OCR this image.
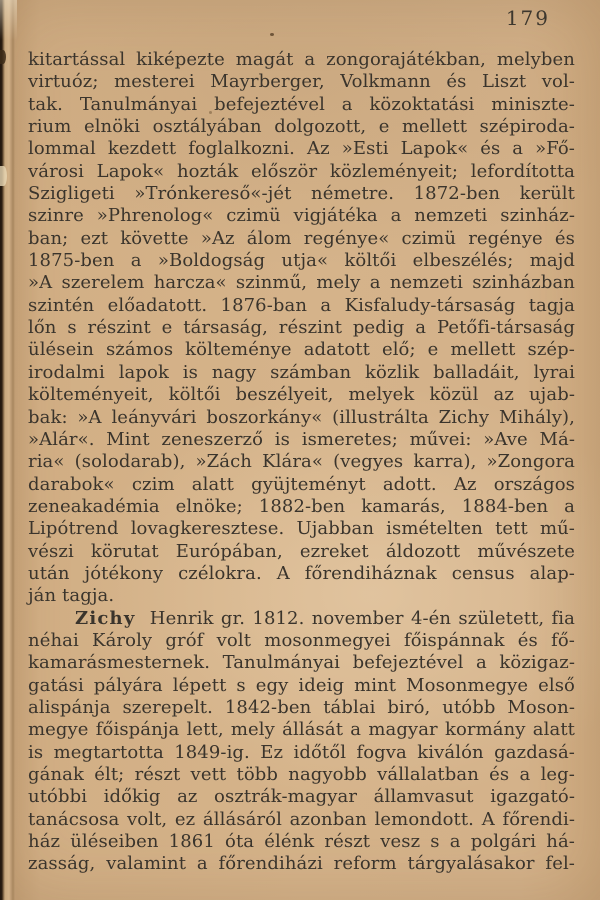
179

kitartással kiképezte magát a zongorajátékban, melyben

virtuóz; mesterei Mayrberger, Volkmann és Liszt vol-

tak. Tanulmányai befejeztével a közoktatási miniszte-

rium elnöki osztályában dolgozott, e mellett szépiroda-

lommal kezdett foglalkozni. Az »Esti Lapok« és a »Fő-

városi Lapok« hozták először közleményeit; lefordította

Szigligeti »Trónkereső«-jét németre. 1872-ben került

szinre »Phrenolog« czimü vigjátéka a nemzeti szinház-

ban; ezt követte »Az álom regénye« czimü regénye és

1875-ben a »Boldogság utja« költői elbeszélés; majd

»A szerelem harcza« szinmű, mely a nemzeti szinházban

szintén előadatott. 1876-ban a Kisfaludy-társaság tagja

lőn s részint e társaság, részint pedig a Petőfi-társaság

ülésein számos költeménye adatott elő; e mellett szép-

irodalmi lapok is nagy számban közlik balladáit, lyrai

költeményeit, költői beszélyeit, melyek közül az ujab-

bak: »A leányvári boszorkány« (illustrálta Zichy Mihály),

»Alár«. Mint zeneszerző is ismeretes; művei: »Ave Má-

ria« (solodarab), »Zách Klára« (vegyes karra), »Zongora

darabok« czim alatt gyüjteményt adott. Az országos

zeneakadémia elnöke; 1882-ben kamarás, 1884-ben a

Lipótrend lovagkeresztese. Ujabban ismételten tett mű-

vészi körutat Európában, ezreket áldozott művészete

után jótékony czélokra. A főrendiháznak census alap-

ján tagja.

Zichy Henrik gr. 1812. november 4-én született, fia

néhai Károly gróf volt mosonmegyei főispánnak és fő-

kamarásmesternek. Tanulmányai befejeztével a közigaz-

gatási pályára lépett s egy ideig mint Mosonmegye első

alispánja szerepelt. 1842-ben táblai biró, utóbb Moson-

megye főispánja lett, mely állását a magyar kormány alatt

is megtartotta 1849-ig. Ez időtől fogva kiválón gazdasá-

gának élt; részt vett több nagyobb vállalatban és a leg-

utóbbi időkig az osztrák-magyar államvasut igazgató-

tanácsosa volt, ez állásáról azonban lemondott. A főrendi-

ház üléseiben 1861 óta élénk részt vesz s a polgári há-

zasság, valamint a főrendiházi reform tárgyalásakor fel-
